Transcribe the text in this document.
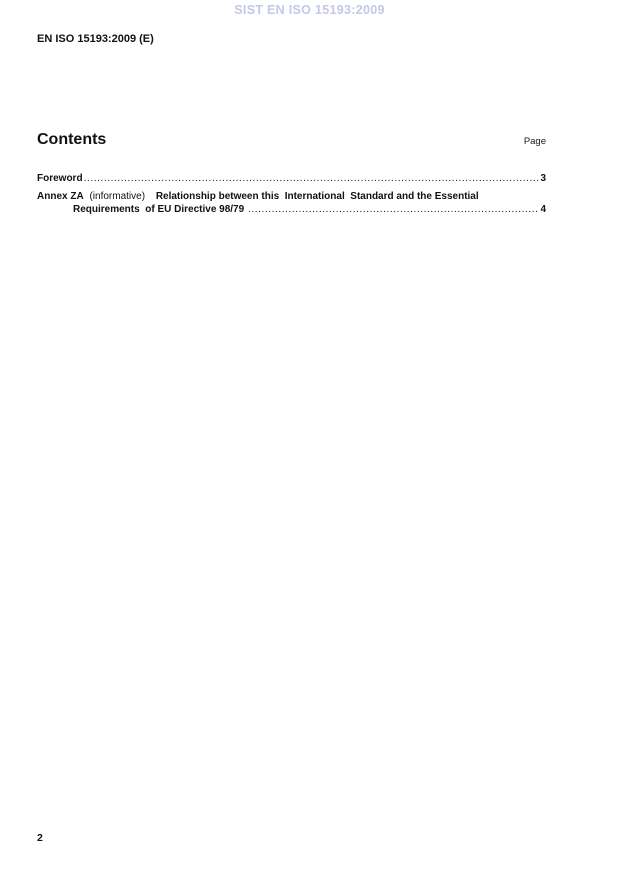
SIST EN ISO 15193:2009
EN ISO 15193:2009 (E)
Contents	Page
Foreword .....	3
Annex ZA (informative) Relationship between this  International  Standard and the Essential
Requirements  of EU Directive 98/79 .....	4
2
